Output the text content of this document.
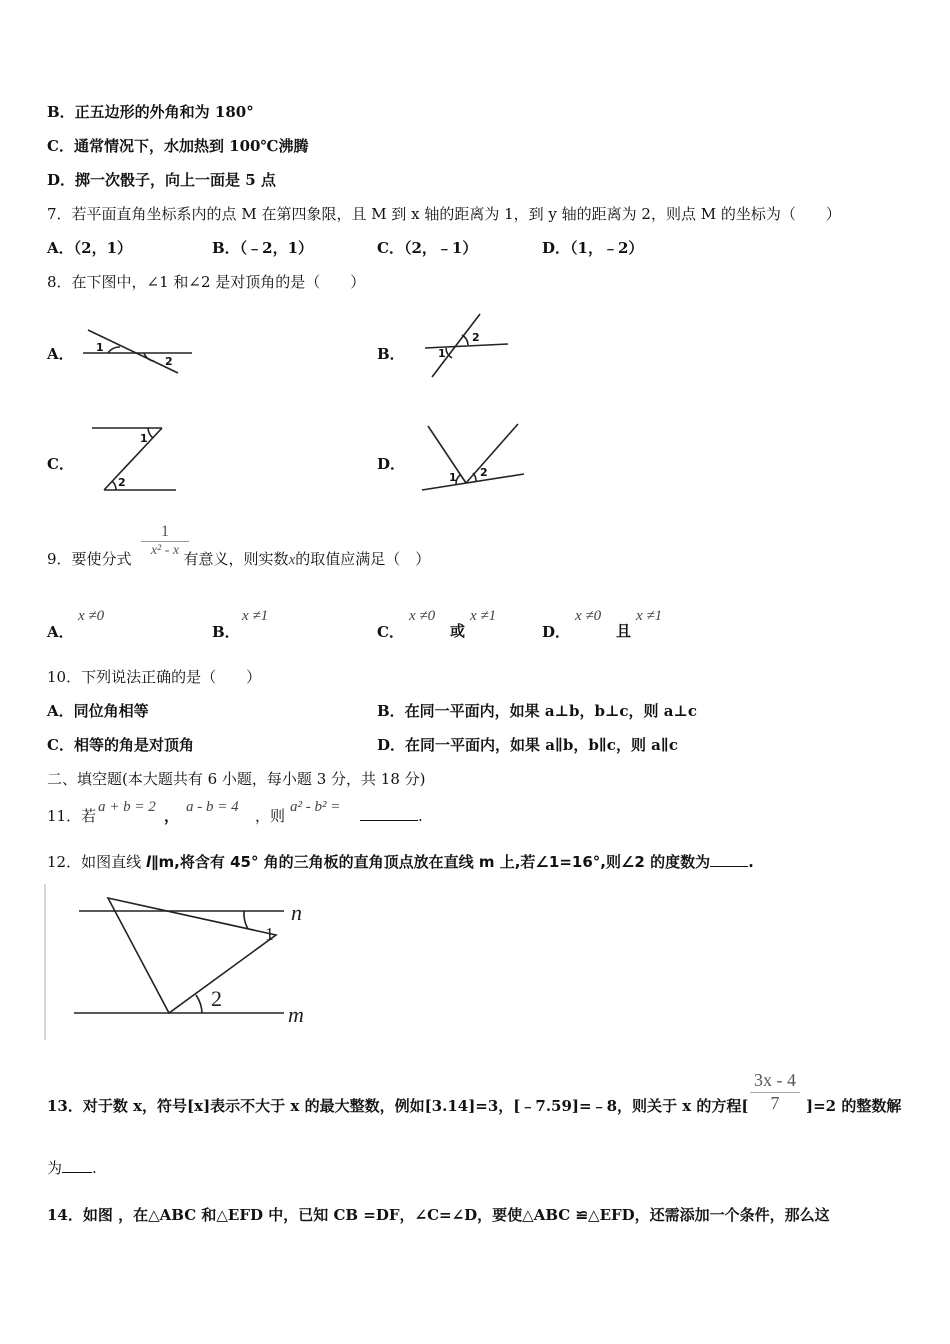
B．正五边形的外角和为 180°
C．通常情况下，水加热到 100℃沸腾
D．掷一次骰子，向上一面是 5 点
7．若平面直角坐标系内的点 M 在第四象限，且 M 到 x 轴的距离为 1，到 y 轴的距离为 2，则点 M 的坐标为（　　）
A．（2，1）	B．（﹣2，1）	C．（2，﹣1）	D．（1，﹣2）
8．在下图中，∠1 和∠2 是对顶角的是（　　）
A． 1
2	B．	1
2
C．
1
2
D．
1 2
9．要使分式	有意义，则实数x的取值应满足（　）
$\frac{1}{\text{x² - x}}$
A．
x ≠0
B．
x ≠1
C．
x ≠0
或
x ≠1
D．
x ≠0
且
x ≠1
10．下列说法正确的是（　　）
A．同位角相等	B．在同一平面内，如果 a⊥b，b⊥c，则 a⊥c
C．相等的角是对顶角	D．在同一平面内，如果 a∥b，b∥c，则 a∥c
二、填空题(本大题共有 6 小题，每小题 3 分，共 18 分)
11．若 a + b = 2 ， a - b = 4 ，则 a² - b² =	.
12．如图直线 l∥m,将含有 45° 角的三角板的直角顶点放在直线 m 上,若∠1=16°,则∠2 的度数为	.
n
m
1
2
$\frac{3x - 4}{7}$
13．对于数 x，符号[x]表示不大于 x 的最大整数，例如[3.14]=3，[﹣7.59]=﹣8，则关于 x 的方程[	]=2 的整数解
为 .
14．如图 ，在△ABC 和△EFD 中，已知 CB =DF，∠C=∠D，要使△ABC ≌△EFD，还需添加一个条件，那么这
